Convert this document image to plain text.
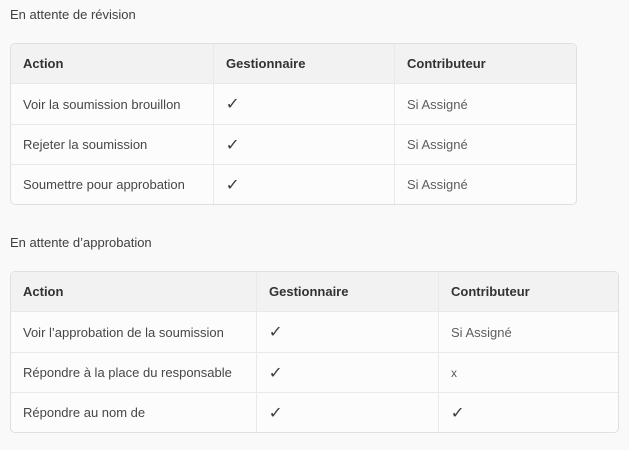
En attente de révision
Action	Gestionnaire	Contributeur
Voir la soumission brouillon	✓	Si Assigné
Rejeter la soumission	✓	Si Assigné
Soumettre pour approbation	✓	Si Assigné
En attente d’approbation
Action	Gestionnaire	Contributeur
Voir l’approbation de la soumission	✓	Si Assigné
Répondre à la place du responsable	✓	x
Répondre au nom de	✓	✓
